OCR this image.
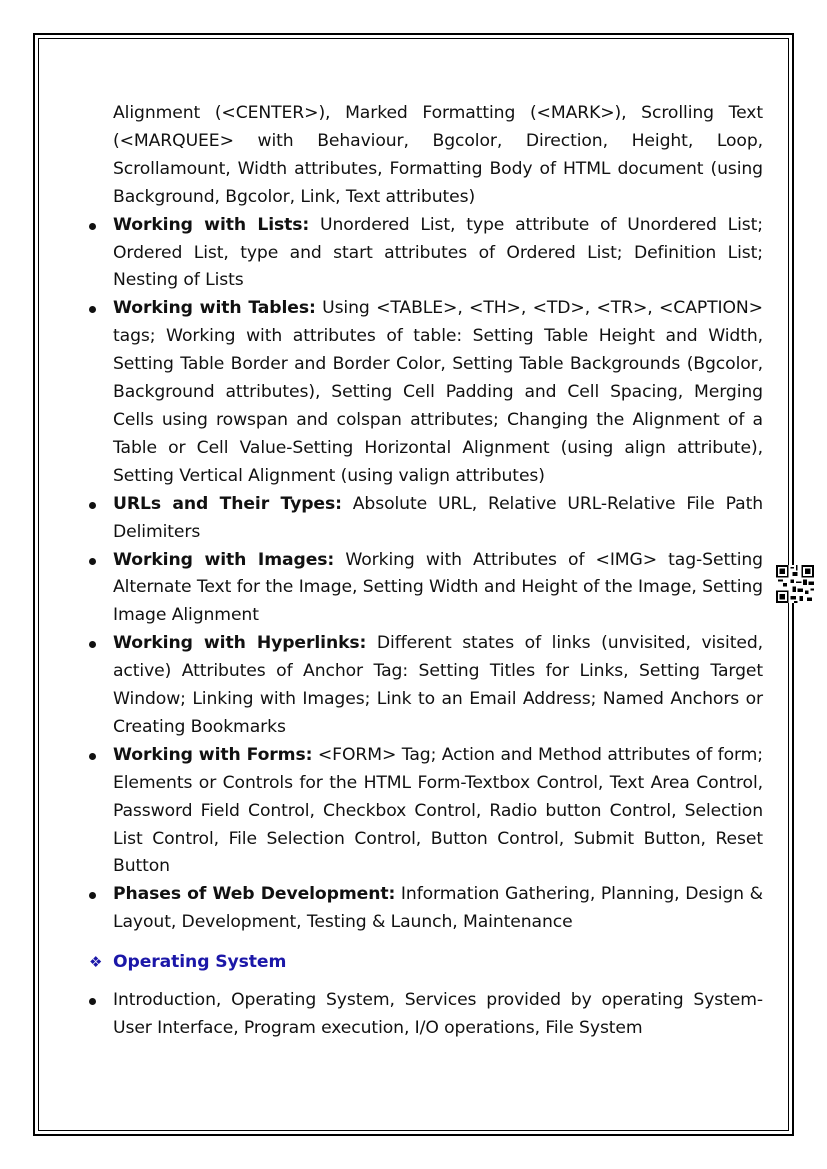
Alignment (<CENTER>), Marked Formatting (<MARK>), Scrolling Text (<MARQUEE> with Behaviour, Bgcolor, Direction, Height, Loop, Scrollamount, Width attributes, Formatting Body of HTML document (using Background, Bgcolor, Link, Text attributes)

Working with Lists: Unordered List, type attribute of Unordered List; Ordered List, type and start attributes of Ordered List; Definition List; Nesting of Lists
Working with Tables: Using <TABLE>, <TH>, <TD>, <TR>, <CAPTION> tags; Working with attributes of table: Setting Table Height and Width, Setting Table Border and Border Color, Setting Table Backgrounds (Bgcolor, Background attributes), Setting Cell Padding and Cell Spacing, Merging Cells using rowspan and colspan attributes; Changing the Alignment of a Table or Cell Value-Setting Horizontal Alignment (using align attribute), Setting Vertical Alignment (using valign attributes)
URLs and Their Types: Absolute URL, Relative URL-Relative File Path Delimiters
Working with Images: Working with Attributes of <IMG> tag-Setting Alternate Text for the Image, Setting Width and Height of the Image, Setting Image Alignment
Working with Hyperlinks: Different states of links (unvisited, visited, active) Attributes of Anchor Tag: Setting Titles for Links, Setting Target Window; Linking with Images; Link to an Email Address; Named Anchors or Creating Bookmarks
Working with Forms: <FORM> Tag; Action and Method attributes of form; Elements or Controls for the HTML Form-Textbox Control, Text Area Control, Password Field Control, Checkbox Control, Radio button Control, Selection List Control, File Selection Control, Button Control, Submit Button, Reset Button
Phases of Web Development: Information Gathering, Planning, Design & Layout, Development, Testing & Launch, Maintenance
❖ Operating System
Introduction, Operating System, Services provided by operating System-User Interface, Program execution, I/O operations, File System
